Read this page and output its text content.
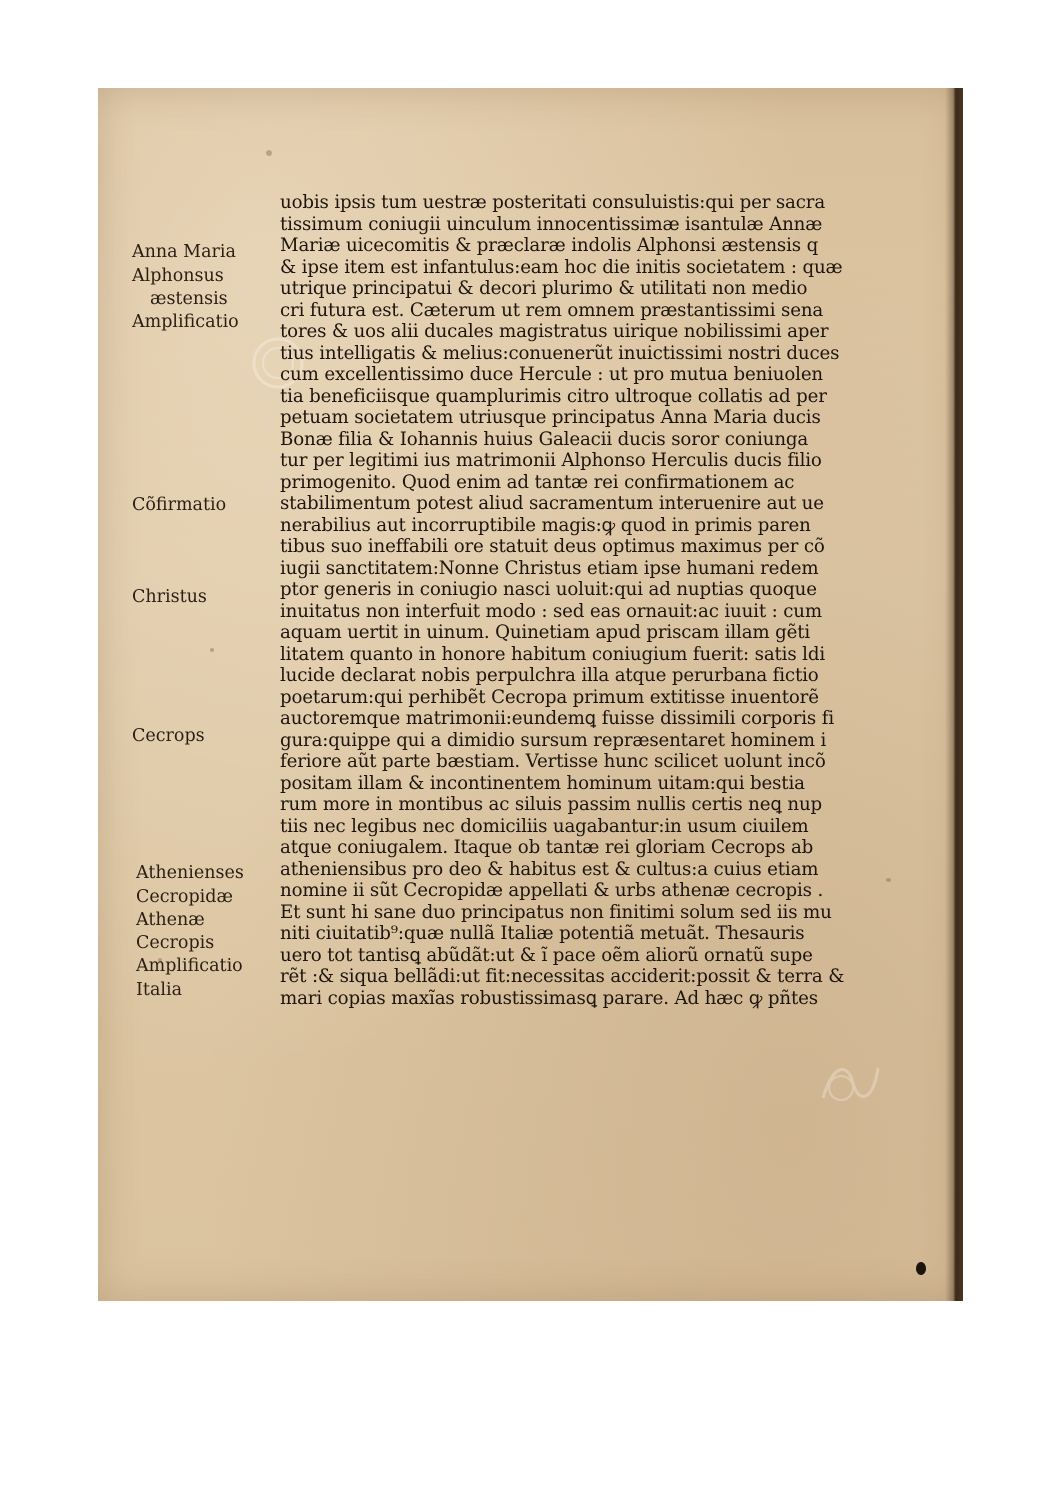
uobis ipsis tum uestræ posteritati consuluistis:qui per sacra
tissimum coniugii uinculum innocentissimæ isantulæ Annæ
Mariæ uicecomitis & præclaræ indolis Alphonsi æstensis q
& ipse item est infantulus:eam hoc die initis societatem : quæ
utrique principatui & decori plurimo & utilitati non medio
cri futura est. Cæterum ut rem omnem præstantissimi sena
tores & uos alii ducales magistratus uirique nobilissimi aper
tius intelligatis & melius:conuenerũt inuictissimi nostri duces
cum excellentissimo duce Hercule : ut pro mutua beniuolen
tia beneficiisque quamplurimis citro ultroque collatis ad per
petuam societatem utriusque principatus Anna Maria ducis
Bonæ filia & Iohannis huius Galeacii ducis soror coniunga
tur per legitimi ius matrimonii Alphonso Herculis ducis filio
primogenito. Quod enim ad tantæ rei confirmationem ac
stabilimentum potest aliud sacramentum interuenire aut ue
nerabilius aut incorruptibile magis:ꝙ quod in primis paren
tibus suo ineffabili ore statuit deus optimus maximus per cõ
iugii sanctitatem:Nonne Christus etiam ipse humani redem
ptor generis in coniugio nasci uoluit:qui ad nuptias quoque
inuitatus non interfuit modo : sed eas ornauit:ac iuuit : cum
aquam uertit in uinum. Quinetiam apud priscam illam gẽti
litatem quanto in honore habitum coniugium fuerit: satis ldi
lucide declarat nobis perpulchra illa atque perurbana fictio
poetarum:qui perhibẽt Cecropa primum extitisse inuentorẽ
auctoremque matrimonii:eundemꝗ fuisse dissimili corporis fi
gura:quippe qui a dimidio sursum repræsentaret hominem i
feriore aũt parte bæstiam. Vertisse hunc scilicet uolunt incõ
positam illam & incontinentem hominum uitam:qui bestia
rum more in montibus ac siluis passim nullis certis neꝗ nup
tiis nec legibus nec domiciliis uagabantur:in usum ciuilem
atque coniugalem. Itaque ob tantæ rei gloriam Cecrops ab
atheniensibus pro deo & habitus est & cultus:a cuius etiam
nomine ii sũt Cecropidæ appellati & urbs athenæ cecropis .
Et sunt hi sane duo principatus non finitimi solum sed iis mu
niti ciuitatib⁹:quæ nullã Italiæ potentiã metuãt. Thesauris
uero tot tantisꝗ abũdãt:ut & ĩ pace oẽm aliorũ ornatũ supe
rẽt :& siqua bellãdi:ut fit:necessitas acciderit:possit & terra &
mari copias maxĩas robustissimasꝗ parare. Ad hæc ꝙ pñtes
Anna Maria
Alphonsus
æstensis
Amplificatio
Cõfirmatio
Christus
Cecrops
Athenienses
Cecropidæ
Athenæ
Cecropis
Amplificatio
Italia
